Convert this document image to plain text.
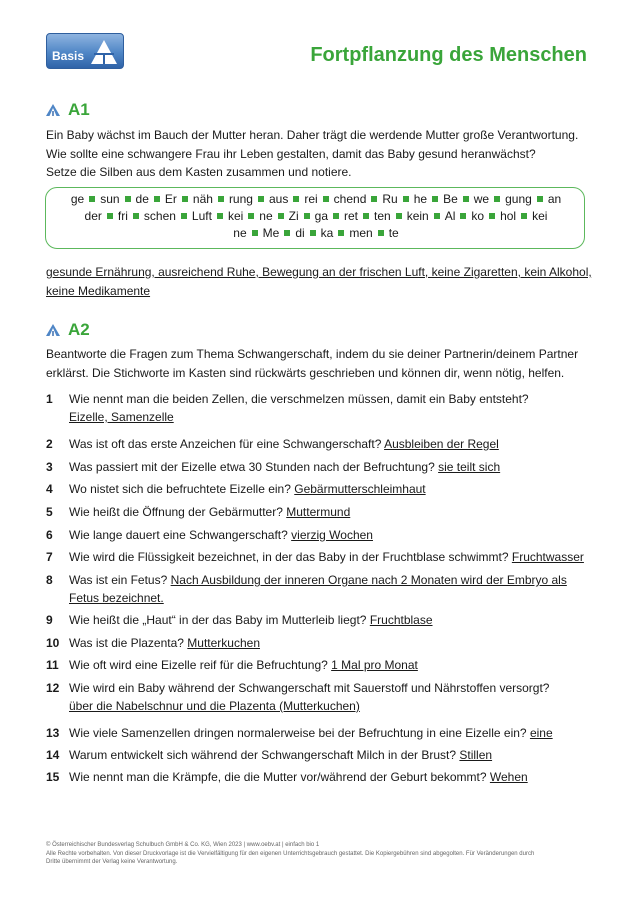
Basis	Fortpflanzung des Menschen
A1
Ein Baby wächst im Bauch der Mutter heran. Daher trägt die werdende Mutter große Verantwortung.
Wie sollte eine schwangere Frau ihr Leben gestalten, damit das Baby gesund heranwächst?
Setze die Silben aus dem Kasten zusammen und notiere.
ge sun de Er näh rung aus rei chend Ru he Be we gung an
der fri schen Luft kei ne Zi ga ret ten kein Al ko hol kei
ne Me di ka men te
gesunde Ernährung, ausreichend Ruhe, Bewegung an der frischen Luft, keine Zigaretten, kein Alkohol,
keine Medikamente
A2
Beantworte die Fragen zum Thema Schwangerschaft, indem du sie deiner Partnerin/deinem Partner
erklärst. Die Stichworte im Kasten sind rückwärts geschrieben und können dir, wenn nötig, helfen.
1 Wie nennt man die beiden Zellen, die verschmelzen müssen, damit ein Baby entsteht?
Eizelle, Samenzelle
2 Was ist oft das erste Anzeichen für eine Schwangerschaft? Ausbleiben der Regel
3 Was passiert mit der Eizelle etwa 30 Stunden nach der Befruchtung? sie teilt sich
4 Wo nistet sich die befruchtete Eizelle ein? Gebärmutterschleimhaut
5 Wie heißt die Öffnung der Gebärmutter? Muttermund
6 Wie lange dauert eine Schwangerschaft? vierzig Wochen
7 Wie wird die Flüssigkeit bezeichnet, in der das Baby in der Fruchtblase schwimmt? Fruchtwasser
8 Was ist ein Fetus? Nach Ausbildung der inneren Organe nach 2 Monaten wird der Embryo als
Fetus bezeichnet.
9 Wie heißt die „Haut“ in der das Baby im Mutterleib liegt? Fruchtblase
10 Was ist die Plazenta? Mutterkuchen
11 Wie oft wird eine Eizelle reif für die Befruchtung? 1 Mal pro Monat
12 Wie wird ein Baby während der Schwangerschaft mit Sauerstoff und Nährstoffen versorgt?
über die Nabelschnur und die Plazenta (Mutterkuchen)
13 Wie viele Samenzellen dringen normalerweise bei der Befruchtung in eine Eizelle ein? eine
14 Warum entwickelt sich während der Schwangerschaft Milch in der Brust? Stillen
15 Wie nennt man die Krämpfe, die die Mutter vor/während der Geburt bekommt? Wehen
© Österreichischer Bundesverlag Schulbuch GmbH & Co. KG, Wien 2023 | www.oebv.at | einfach bio 1
Alle Rechte vorbehalten. Von dieser Druckvorlage ist die Vervielfältigung für den eigenen Unterrichtsgebrauch gestattet. Die Kopiergebühren sind abgegolten. Für Veränderungen durch
Dritte übernimmt der Verlag keine Verantwortung.
